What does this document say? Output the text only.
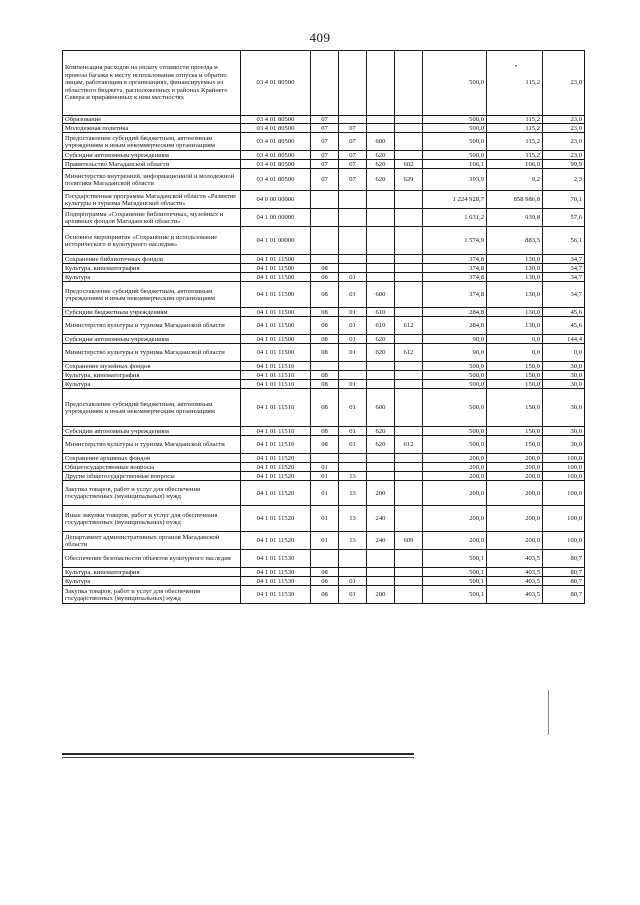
409
•
Компенсация расходов на оплату стоимости проезда и провоза багажа к месту использования отпуска и обратно лицам, работающим в организациях, финансируемых из областного бюджета, расположенных в районах Крайнего Севера и приравненных к ним местностях	03 4 01 80500					500,0	115,2	23,0
Образование	03 4 01 80500	07				500,0	115,2	23,0
Молодежная политика	03 4 01 80500	07	07			500,0	115,2	23,0
Предоставление субсидий бюджетным, автономным учреждениям и иным некоммерческим организациям	03 4 01 80500	07	07	600		500,0	115,2	23,0
Субсидии автономным учреждениям	03 4 01 80500	07	07	620		500,0	115,2	23,0
Правительство Магаданской области	03 4 01 80500	07	07	620	602	106,1	106,0	99,9
Министерство внутренней, информационной и молодежной политики Магаданской области	03 4 01 80500	07	07	620	629	393,9	9,2	2,3
Государственная программа Магаданской области «Развитие культуры и туризма Магаданской области»	04 0 00 00000					1 224 928,7	858 986,8	70,1
Подпрограмма «Сохранение библиотечных, музейных и архивных фондов Магаданской области»	04 1 00 00000					1 631,2	939,8	57,6
Основное мероприятие «Сохранение и использование исторического и культурного наследия»	04 1 01 00000					1 574,9	883,5	56,1
Сохранение библиотечных фондов	04 1 01 11500					374,8	130,0	34,7
Культура, кинематография	04 1 01 11500	08				374,8	130,0	34,7
Культура	04 1 01 11500	08	01			374,8	130,0	34,7
Предоставление субсидий бюджетным, автономным учреждениям и иным некоммерческим организациям	04 1 01 11500	08	01	600		374,8	130,0	34,7
Субсидии бюджетным учреждениям	04 1 01 11500	08	01	610		284,8	130,0	45,6
Министерство культуры и туризма Магаданской области	04 1 01 11500	08	01	610	612	284,8	130,0	45,6
Субсидии автономным учреждениям	04 1 01 11500	08	01	620		90,0	0,0	144,4
Министерство культуры и туризма Магаданской области	04 1 01 11500	08	01	620	612	90,0	0,0	0,0
Сохранение музейных фондов	04 1 01 11510					500,0	150,0	30,0
Культура, кинематография	04 1 01 11510	08				500,0	150,0	30,0
Культура	04 1 01 11510	08	01			500,0	150,0	30,0
Предоставление субсидий бюджетным, автономным учреждениям и иным некоммерческим организациям	04 1 01 11510	08	01	600		500,0	150,0	30,0
Субсидии автономным учреждениям	04 1 01 11510	08	01	620		500,0	150,0	30,0
Министерство культуры и туризма Магаданской области	04 1 01 11510	08	01	620	612	500,0	150,0	30,0
Сохранение архивных фондов	04 1 01 11520					200,0	200,0	100,0
Общегосударственные вопросы	04 1 01 11520	01				200,0	200,0	100,0
Другие общегосударственные вопросы	04 1 01 11520	01	13			200,0	200,0	100,0
Закупка товаров, работ и услуг для обеспечения государственных (муниципальных) нужд	04 1 01 11520	01	13	200		200,0	200,0	100,0
Иные закупки товаров, работ и услуг для обеспечения государственных (муниципальных) нужд	04 1 01 11520	01	13	240		200,0	200,0	100,0
Департамент административных органов Магаданской области	04 1 01 11520	01	13	240	609	200,0	200,0	100,0
Обеспечение безопасности объектов культурного наследия	04 1 01 11530					500,1	403,5	80,7
Культура, кинематография	04 1 01 11530	08				500,1	403,5	80,7
Культура	04 1 01 11530	08	01			500,1	403,5	80,7
Закупка товаров, работ и услуг для обеспечения государственных (муниципальных) нужд	04 1 01 11530	08	01	200		500,1	403,5	80,7
